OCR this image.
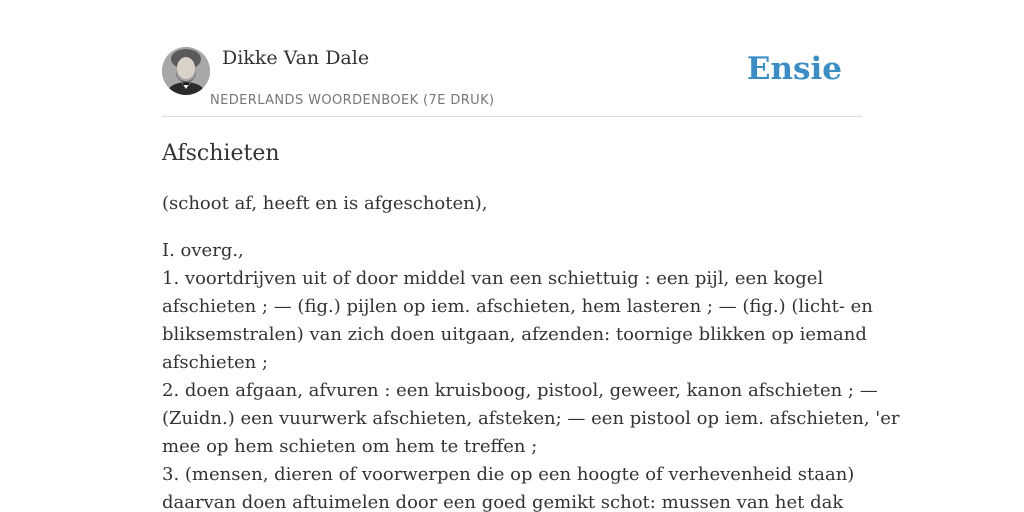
Dikke Van Dale
NEDERLANDS WOORDENBOEK (7E DRUK)
Ensie
Afschieten

(schoot af, heeft en is afgeschoten),

I. overg.,
1. voortdrijven uit of door middel van een schiettuig : een pijl, een kogel
afschieten ; — (fig.) pijlen op iem. afschieten, hem lasteren ; — (fig.) (licht- en
bliksemstralen) van zich doen uitgaan, afzenden: toornige blikken op iemand
afschieten ;
2. doen afgaan, afvuren : een kruisboog, pistool, geweer, kanon afschieten ; —
(Zuidn.) een vuurwerk afschieten, afsteken; — een pistool op iem. afschieten, 'er
mee op hem schieten om hem te treffen ;
3. (mensen, dieren of voorwerpen die op een hoogte of verhevenheid staan)
daarvan doen aftuimelen door een goed gemikt schot: mussen van het dak
